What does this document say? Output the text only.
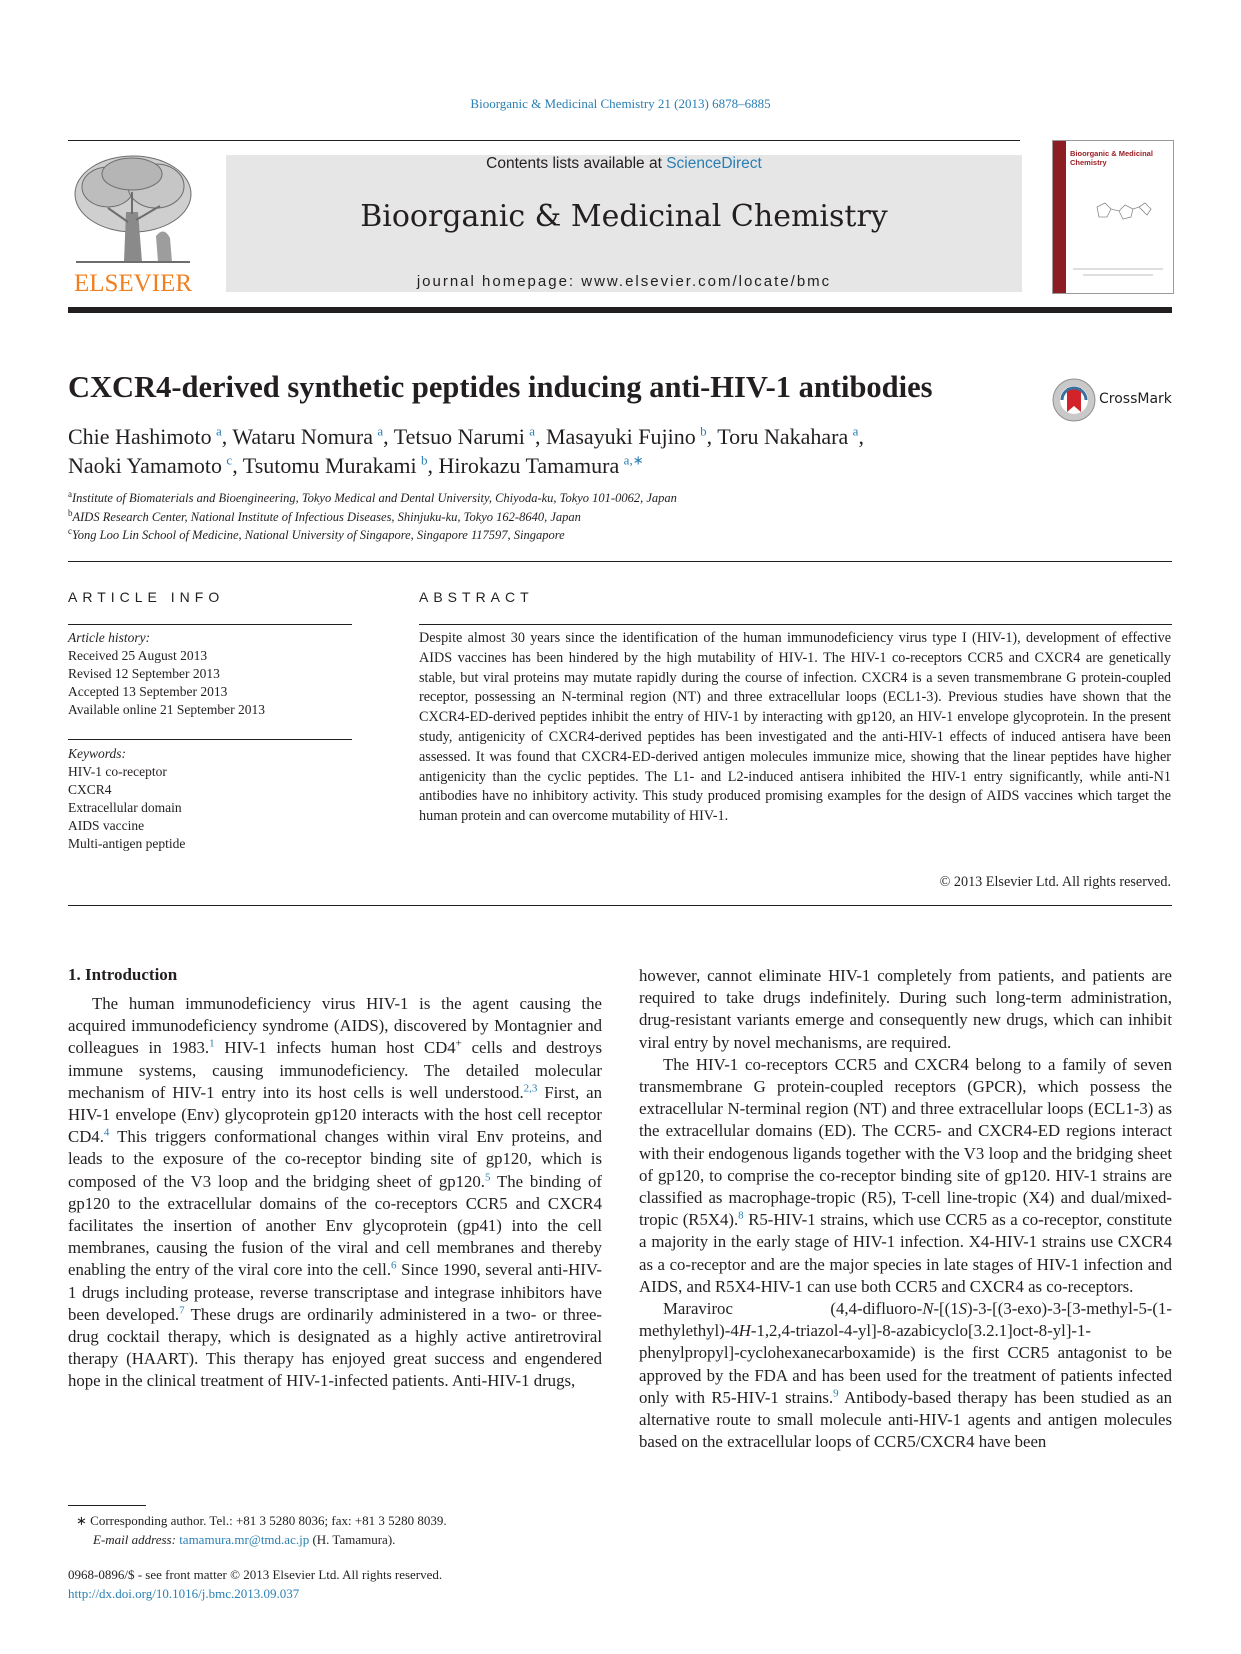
Bioorganic & Medicinal Chemistry 21 (2013) 6878–6885
ELSEVIER
Contents lists available at ScienceDirect
Bioorganic & Medicinal Chemistry
journal homepage: www.elsevier.com/locate/bmc
Bioorganic & Medicinal Chemistry
CXCR4-derived synthetic peptides inducing anti-HIV-1 antibodies	CrossMark
Chie Hashimoto  $^a$, Wataru Nomura  $^a$, Tetsuo Narumi  $^a$, Masayuki Fujino  $^b$, Toru Nakahara  $^a$,
Naoki Yamamoto  $^c$, Tsutomu Murakami  $^b$, Hirokazu Tamamura  $^{a,∗}$
$^a$Institute of Biomaterials and Bioengineering, Tokyo Medical and Dental University, Chiyoda-ku, Tokyo 101-0062, Japan
$^b$AIDS Research Center, National Institute of Infectious Diseases, Shinjuku-ku, Tokyo 162-8640, Japan
$^c$Yong Loo Lin School of Medicine, National University of Singapore, Singapore 117597, Singapore
ARTICLE INFO
Article history:
Received 25 August 2013
Revised 12 September 2013
Accepted 13 September 2013
Available online 21 September 2013
Keywords:
HIV-1 co-receptor
CXCR4
Extracellular domain
AIDS vaccine
Multi-antigen peptide
ABSTRACT
Despite almost 30 years since the identification of the human immunodeficiency virus type I (HIV-1), development of effective AIDS vaccines has been hindered by the high mutability of HIV-1. The HIV-1 co-receptors CCR5 and CXCR4 are genetically stable, but viral proteins may mutate rapidly during the course of infection. CXCR4 is a seven transmembrane G protein-coupled receptor, possessing an N-terminal region (NT) and three extracellular loops (ECL1-3). Previous studies have shown that the CXCR4-ED-derived peptides inhibit the entry of HIV-1 by interacting with gp120, an HIV-1 envelope glycoprotein. In the present study, antigenicity of CXCR4-derived peptides has been investigated and the anti-HIV-1 effects of induced antisera have been assessed. It was found that CXCR4-ED-derived antigen molecules immunize mice, showing that the linear peptides have higher antigenicity than the cyclic peptides. The L1- and L2-induced antisera inhibited the HIV-1 entry significantly, while anti-N1 antibodies have no inhibitory activity. This study produced promising examples for the design of AIDS vaccines which target the human protein and can overcome mutability of HIV-1.
© 2013 Elsevier Ltd. All rights reserved.
1. Introduction

The human immunodeficiency virus HIV-1 is the agent causing the acquired immunodeficiency syndrome (AIDS), discovered by Montagnier and colleagues in 1983.$^1$ HIV-1 infects human host CD4+ cells and destroys immune systems, causing immunodeficiency. The detailed molecular mechanism of HIV-1 entry into its host cells is well understood.$^{2,3}$ First, an HIV-1 envelope (Env) glycoprotein gp120 interacts with the host cell receptor CD4.$^4$ This triggers conformational changes within viral Env proteins, and leads to the exposure of the co-receptor binding site of gp120, which is composed of the V3 loop and the bridging sheet of gp120.$^5$ The binding of gp120 to the extracellular domains of the co-receptors CCR5 and CXCR4 facilitates the insertion of another Env glycoprotein (gp41) into the cell membranes, causing the fusion of the viral and cell membranes and thereby enabling the entry of the viral core into the cell.$^6$ Since 1990, several anti-HIV-1 drugs including protease, reverse transcriptase and integrase inhibitors have been developed.$^7$ These drugs are ordinarily administered in a two- or three-drug cocktail therapy, which is designated as a highly active antiretroviral therapy (HAART). This therapy has enjoyed great success and engendered hope in the clinical treatment of HIV-1-infected patients. Anti-HIV-1 drugs,

however, cannot eliminate HIV-1 completely from patients, and patients are required to take drugs indefinitely. During such long-term administration, drug-resistant variants emerge and consequently new drugs, which can inhibit viral entry by novel mechanisms, are required.

The HIV-1 co-receptors CCR5 and CXCR4 belong to a family of seven transmembrane G protein-coupled receptors (GPCR), which possess the extracellular N-terminal region (NT) and three extracellular loops (ECL1-3) as the extracellular domains (ED). The CCR5- and CXCR4-ED regions interact with their endogenous ligands together with the V3 loop and the bridging sheet of gp120, to comprise the co-receptor binding site of gp120. HIV-1 strains are classified as macrophage-tropic (R5), T-cell line-tropic (X4) and dual/mixed-tropic (R5X4).$^8$ R5-HIV-1 strains, which use CCR5 as a co-receptor, constitute a majority in the early stage of HIV-1 infection. X4-HIV-1 strains use CXCR4 as a co-receptor and are the major species in late stages of HIV-1 infection and AIDS, and R5X4-HIV-1 can use both CCR5 and CXCR4 as co-receptors.

Maraviroc (4,4-difluoro-N-[(1S)-3-[(3-exo)-3-[3-methyl-5-(1-methylethyl)-4H-1,2,4-triazol-4-yl]-8-azabicyclo[3.2.1]oct-8-yl]-1-phenylpropyl]-cyclohexanecarboxamide) is the first CCR5 antagonist to be approved by the FDA and has been used for the treatment of patients infected only with R5-HIV-1 strains.$^9$ Antibody-based therapy has been studied as an alternative route to small molecule anti-HIV-1 agents and antigen molecules based on the extracellular loops of CCR5/CXCR4 have been

∗ Corresponding author. Tel.: +81 3 5280 8036; fax: +81 3 5280 8039.
E-mail address: tamamura.mr@tmd.ac.jp (H. Tamamura).
0968-0896/$ - see front matter © 2013 Elsevier Ltd. All rights reserved.
http://dx.doi.org/10.1016/j.bmc.2013.09.037
